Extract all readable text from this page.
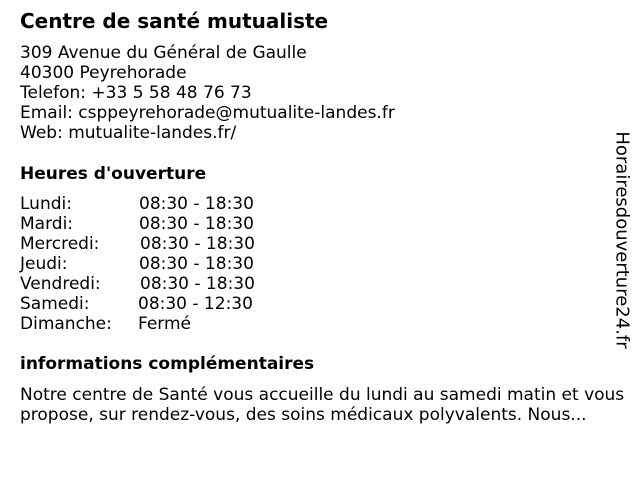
Centre de santé mutualiste
309 Avenue du Général de Gaulle
40300 Peyrehorade
Telefon: +33 5 58 48 76 73
Email: csppeyrehorade@mutualite-landes.fr
Web: mutualite-landes.fr/
Heures d'ouverture
Lundi:	08:30 - 18:30
Mardi:	08:30 - 18:30
Mercredi: 08:30 - 18:30
Jeudi:	08:30 - 18:30
Vendredi: 08:30 - 18:30
Samedi:	08:30 - 12:30
Dimanche: Fermé
informations complémentaires
Notre centre de Santé vous accueille du lundi au samedi matin et vous propose, sur rendez-vous, des soins médicaux polyvalents. Nous...
Horairesdouverture24.fr
